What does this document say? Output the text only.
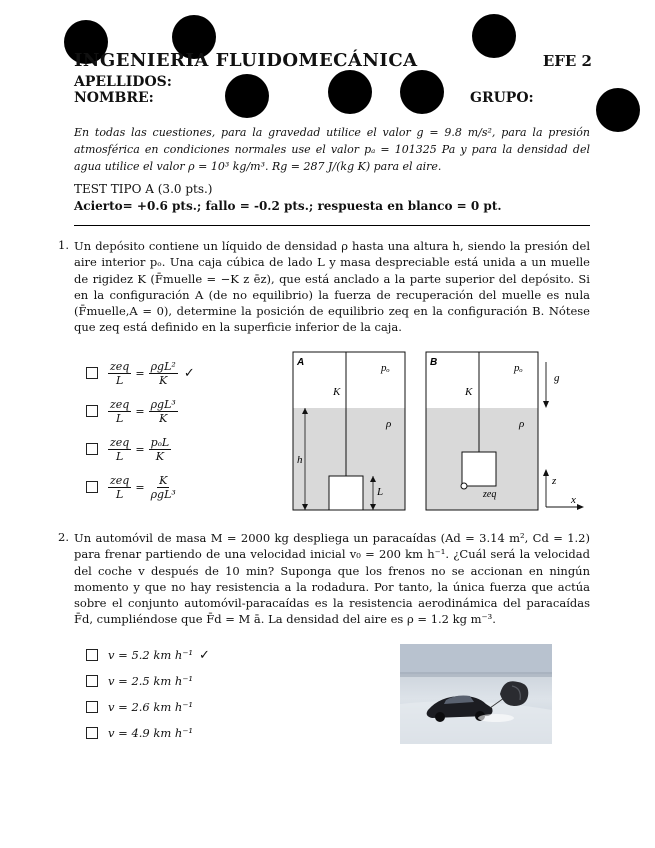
INGENIERIA FLUIDOMECÁNICA	EFE 2
APELLIDOS:
NOMBRE:	GRUPO:
En todas las cuestiones, para la gravedad utilice el valor g = 9.8 m/s², para la presión atmosférica en condiciones normales use el valor pₐ = 101325 Pa y para la densidad del agua utilice el valor ρ = 10³ kg/m³. Rg = 287 J/(kg K) para el aire.
TEST TIPO A (3.0 pts.)
Acierto= +0.6 pts.; fallo = -0.2 pts.; respuesta en blanco = 0 pt.
1. Un depósito contiene un líquido de densidad ρ hasta una altura h, siendo la presión del aire interior pₒ. Una caja cúbica de lado L y masa despreciable está unida a un muelle de rigidez K (F̄muelle = −K z ēz), que está anclado a la parte superior del depósito. Si en la configuración A (de no equilibrio) la fuerza de recuperación del muelle es nula (F̄muelle,A = 0), determine la posición de equilibrio zeq en la configuración B. Nótese que zeq está definido en la superficie inferior de la caja.
$\frac{\text{zeq}}{L} = \frac{\text{ρgL²}}{K}$ ✓
$\frac{\text{zeq}}{L} = \frac{\text{ρgL³}}{K}$
$\frac{\text{zeq}}{L} = \frac{\text{pₒL}}{K}$
$\frac{\text{zeq}}{L} = \frac{K}{\text{ρgL³}}$
A	pₒ
K
ρ
h
L
B	pₒ
K
ρ
zeq
g
z
x
2. Un automóvil de masa M = 2000 kg despliega un paracaídas (Ad = 3.14 m², Cd = 1.2) para frenar partiendo de una velocidad inicial v₀ = 200 km h⁻¹. ¿Cuál será la velocidad del coche v después de 10 min? Suponga que los frenos no se accionan en ningún momento y que no hay resistencia a la rodadura. Por tanto, la única fuerza que actúa sobre el conjunto automóvil-paracaídas es la resistencia aerodinámica del paracaídas F̄d, cumpliéndose que F̄d = M ā. La densidad del aire es ρ = 1.2 kg m⁻³.
v = 5.2 km h⁻¹ ✓
v = 2.5 km h⁻¹
v = 2.6 km h⁻¹
v = 4.9 km h⁻¹
